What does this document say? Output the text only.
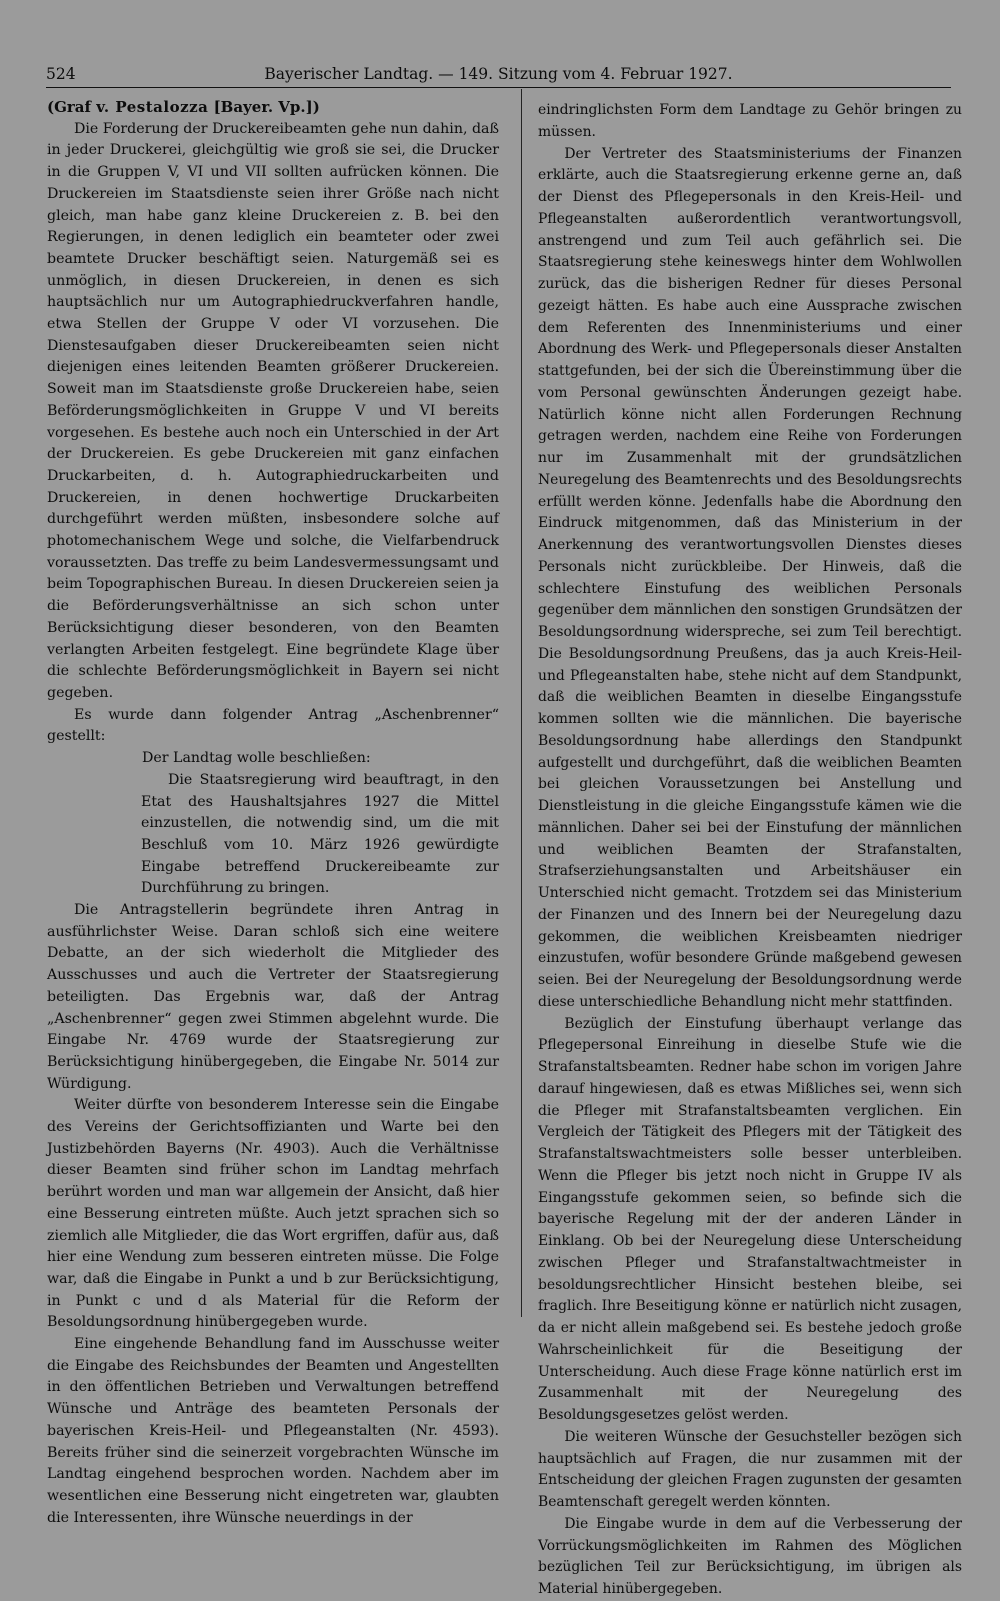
524	Bayerischer Landtag. — 149. Sitzung vom 4. Februar 1927.

(Graf v. Pestalozza [Bayer. Vp.])

Die Forderung der Druckereibeamten gehe nun dahin, daß in jeder Druckerei, gleichgültig wie groß sie sei, die Drucker in die Gruppen V, VI und VII sollten aufrücken können. Die Druckereien im Staatsdienste seien ihrer Größe nach nicht gleich, man habe ganz kleine Druckereien z. B. bei den Regierungen, in denen lediglich ein beamteter oder zwei beamtete Drucker beschäftigt seien. Naturgemäß sei es unmöglich, in diesen Druckereien, in denen es sich hauptsächlich nur um Autographiedruckverfahren handle, etwa Stellen der Gruppe V oder VI vorzusehen. Die Dienstesaufgaben dieser Druckereibeamten seien nicht diejenigen eines leitenden Beamten größerer Druckereien. Soweit man im Staatsdienste große Druckereien habe, seien Beförderungsmöglichkeiten in Gruppe V und VI bereits vorgesehen. Es bestehe auch noch ein Unterschied in der Art der Druckereien. Es gebe Druckereien mit ganz einfachen Druckarbeiten, d. h. Autographiedruckarbeiten und Druckereien, in denen hochwertige Druckarbeiten durchgeführt werden müßten, insbesondere solche auf photomechanischem Wege und solche, die Vielfarbendruck voraussetzten. Das treffe zu beim Landesvermessungsamt und beim Topographischen Bureau. In diesen Druckereien seien ja die Beförderungsverhältnisse an sich schon unter Berücksichtigung dieser besonderen, von den Beamten verlangten Arbeiten festgelegt. Eine begründete Klage über die schlechte Beförderungsmöglichkeit in Bayern sei nicht gegeben.

Es wurde dann folgender Antrag „Aschenbrenner“ gestellt:

Der Landtag wolle beschließen:

Die Staatsregierung wird beauftragt, in den Etat des Haushaltsjahres 1927 die Mittel einzustellen, die notwendig sind, um die mit Beschluß vom 10. März 1926 gewürdigte Eingabe betreffend Druckereibeamte zur Durchführung zu bringen.

Die Antragstellerin begründete ihren Antrag in ausführlichster Weise. Daran schloß sich eine weitere Debatte, an der sich wiederholt die Mitglieder des Ausschusses und auch die Vertreter der Staatsregierung beteiligten. Das Ergebnis war, daß der Antrag „Aschenbrenner“ gegen zwei Stimmen abgelehnt wurde. Die Eingabe Nr. 4769 wurde der Staatsregierung zur Berücksichtigung hinübergegeben, die Eingabe Nr. 5014 zur Würdigung.

Weiter dürfte von besonderem Interesse sein die Eingabe des Vereins der Gerichtsoffizianten und Warte bei den Justizbehörden Bayerns (Nr. 4903). Auch die Verhältnisse dieser Beamten sind früher schon im Landtag mehrfach berührt worden und man war allgemein der Ansicht, daß hier eine Besserung eintreten müßte. Auch jetzt sprachen sich so ziemlich alle Mitglieder, die das Wort ergriffen, dafür aus, daß hier eine Wendung zum besseren eintreten müsse. Die Folge war, daß die Eingabe in Punkt a und b zur Berücksichtigung, in Punkt c und d als Material für die Reform der Besoldungsordnung hinübergegeben wurde.

Eine eingehende Behandlung fand im Ausschusse weiter die Eingabe des Reichsbundes der Beamten und Angestellten in den öffentlichen Betrieben und Verwaltungen betreffend Wünsche und Anträge des beamteten Personals der bayerischen Kreis-Heil- und Pflegeanstalten (Nr. 4593). Bereits früher sind die seinerzeit vorgebrachten Wünsche im Landtag eingehend besprochen worden. Nachdem aber im wesentlichen eine Besserung nicht eingetreten war, glaubten die Interessenten, ihre Wünsche neuerdings in der

eindringlichsten Form dem Landtage zu Gehör bringen zu müssen.

Der Vertreter des Staatsministeriums der Finanzen erklärte, auch die Staatsregierung erkenne gerne an, daß der Dienst des Pflegepersonals in den Kreis-Heil- und Pflegeanstalten außerordentlich verantwortungsvoll, anstrengend und zum Teil auch gefährlich sei. Die Staatsregierung stehe keineswegs hinter dem Wohlwollen zurück, das die bisherigen Redner für dieses Personal gezeigt hätten. Es habe auch eine Aussprache zwischen dem Referenten des Innenministeriums und einer Abordnung des Werk- und Pflegepersonals dieser Anstalten stattgefunden, bei der sich die Übereinstimmung über die vom Personal gewünschten Änderungen gezeigt habe. Natürlich könne nicht allen Forderungen Rechnung getragen werden, nachdem eine Reihe von Forderungen nur im Zusammenhalt mit der grundsätzlichen Neuregelung des Beamtenrechts und des Besoldungsrechts erfüllt werden könne. Jedenfalls habe die Abordnung den Eindruck mitgenommen, daß das Ministerium in der Anerkennung des verantwortungsvollen Dienstes dieses Personals nicht zurückbleibe. Der Hinweis, daß die schlechtere Einstufung des weiblichen Personals gegenüber dem männlichen den sonstigen Grundsätzen der Besoldungsordnung widerspreche, sei zum Teil berechtigt. Die Besoldungsordnung Preußens, das ja auch Kreis-Heil- und Pflegeanstalten habe, stehe nicht auf dem Standpunkt, daß die weiblichen Beamten in dieselbe Eingangsstufe kommen sollten wie die männlichen. Die bayerische Besoldungsordnung habe allerdings den Standpunkt aufgestellt und durchgeführt, daß die weiblichen Beamten bei gleichen Voraussetzungen bei Anstellung und Dienstleistung in die gleiche Eingangsstufe kämen wie die männlichen. Daher sei bei der Einstufung der männlichen und weiblichen Beamten der Strafanstalten, Strafserziehungsanstalten und Arbeitshäuser ein Unterschied nicht gemacht. Trotzdem sei das Ministerium der Finanzen und des Innern bei der Neuregelung dazu gekommen, die weiblichen Kreisbeamten niedriger einzustufen, wofür besondere Gründe maßgebend gewesen seien. Bei der Neuregelung der Besoldungsordnung werde diese unterschiedliche Behandlung nicht mehr stattfinden.

Bezüglich der Einstufung überhaupt verlange das Pflegepersonal Einreihung in dieselbe Stufe wie die Strafanstaltsbeamten. Redner habe schon im vorigen Jahre darauf hingewiesen, daß es etwas Mißliches sei, wenn sich die Pfleger mit Strafanstaltsbeamten verglichen. Ein Vergleich der Tätigkeit des Pflegers mit der Tätigkeit des Strafanstaltswachtmeisters solle besser unterbleiben. Wenn die Pfleger bis jetzt noch nicht in Gruppe IV als Eingangsstufe gekommen seien, so befinde sich die bayerische Regelung mit der der anderen Länder in Einklang. Ob bei der Neuregelung diese Unterscheidung zwischen Pfleger und Strafanstaltwachtmeister in besoldungsrechtlicher Hinsicht bestehen bleibe, sei fraglich. Ihre Beseitigung könne er natürlich nicht zusagen, da er nicht allein maßgebend sei. Es bestehe jedoch große Wahrscheinlichkeit für die Beseitigung der Unterscheidung. Auch diese Frage könne natürlich erst im Zusammenhalt mit der Neuregelung des Besoldungsgesetzes gelöst werden.

Die weiteren Wünsche der Gesuchsteller bezögen sich hauptsächlich auf Fragen, die nur zusammen mit der Entscheidung der gleichen Fragen zugunsten der gesamten Beamtenschaft geregelt werden könnten.

Die Eingabe wurde in dem auf die Verbesserung der Vorrückungsmöglichkeiten im Rahmen des Möglichen bezüglichen Teil zur Berücksichtigung, im übrigen als Material hinübergegeben.
